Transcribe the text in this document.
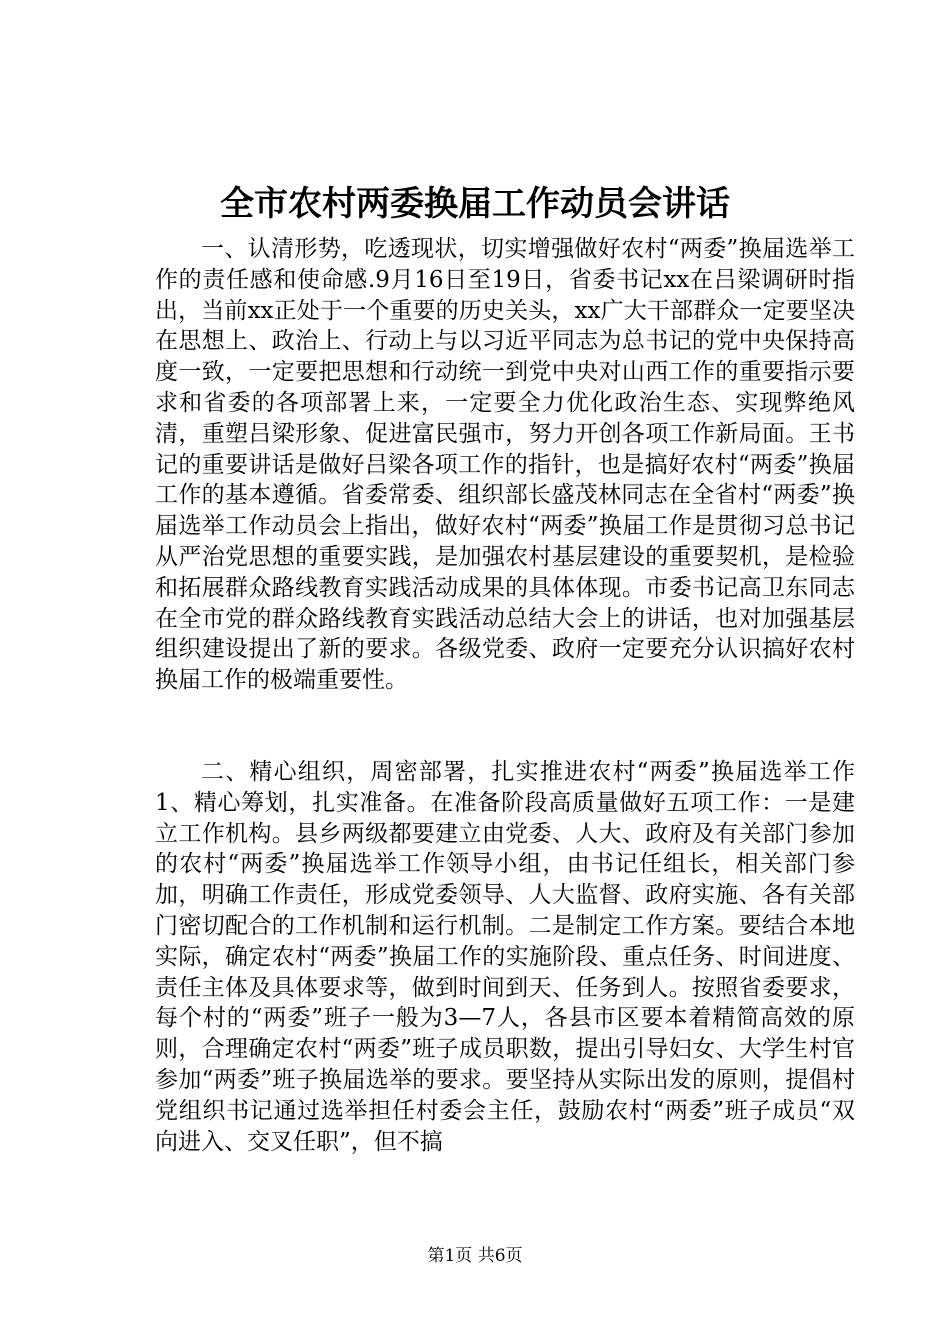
全市农村两委换届工作动员会讲话

一、认清形势，吃透现状，切实增强做好农村“两委”换届选举工作的责任感和使命感.9月16日至19日，省委书记xx在吕梁调研时指出，当前xx正处于一个重要的历史关头，xx广大干部群众一定要坚决在思想上、政治上、行动上与以习近平同志为总书记的党中央保持高度一致，一定要把思想和行动统一到党中央对山西工作的重要指示要求和省委的各项部署上来，一定要全力优化政治生态、实现弊绝风清，重塑吕梁形象、促进富民强市，努力开创各项工作新局面。王书记的重要讲话是做好吕梁各项工作的指针，也是搞好农村“两委”换届工作的基本遵循。省委常委、组织部长盛茂林同志在全省村“两委”换届选举工作动员会上指出，做好农村“两委”换届工作是贯彻习总书记从严治党思想的重要实践，是加强农村基层建设的重要契机，是检验和拓展群众路线教育实践活动成果的具体体现。市委书记高卫东同志在全市党的群众路线教育实践活动总结大会上的讲话，也对加强基层组织建设提出了新的要求。各级党委、政府一定要充分认识搞好农村换届工作的极端重要性。

二、精心组织，周密部署，扎实推进农村“两委”换届选举工作1、精心筹划，扎实准备。在准备阶段高质量做好五项工作：一是建立工作机构。县乡两级都要建立由党委、人大、政府及有关部门参加的农村“两委”换届选举工作领导小组，由书记任组长，相关部门参加，明确工作责任，形成党委领导、人大监督、政府实施、各有关部门密切配合的工作机制和运行机制。二是制定工作方案。要结合本地实际，确定农村“两委”换届工作的实施阶段、重点任务、时间进度、责任主体及具体要求等，做到时间到天、任务到人。按照省委要求，每个村的“两委”班子一般为3—7人，各县市区要本着精简高效的原则，合理确定农村“两委”班子成员职数，提出引导妇女、大学生村官参加“两委”班子换届选举的要求。要坚持从实际出发的原则，提倡村党组织书记通过选举担任村委会主任，鼓励农村“两委”班子成员“双向进入、交叉任职”，但不搞

第1页 共6页
